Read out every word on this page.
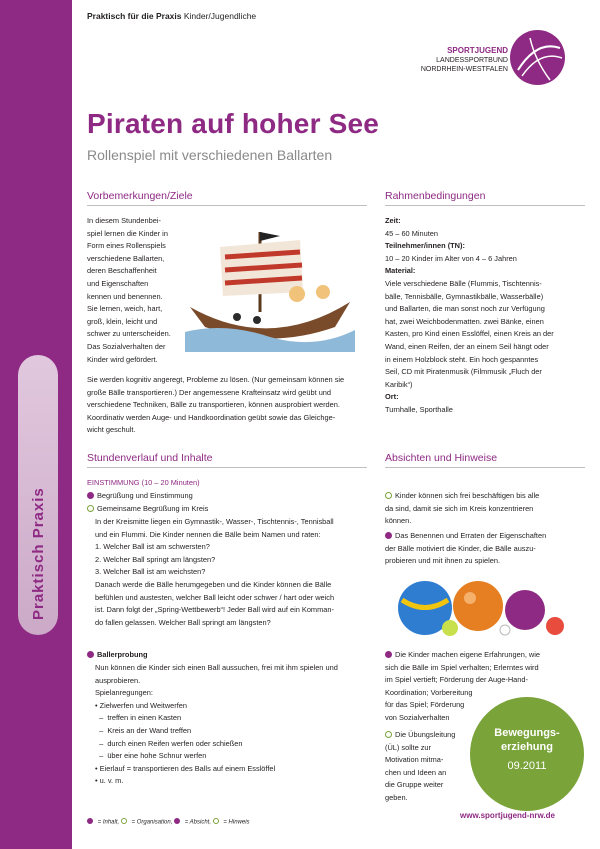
Praktisch Praxis
Praktisch für die Praxis Kinder/Jugendliche
SPORTJUGEND
LANDESSPORTBUND
NORDRHEIN-WESTFALEN
Piraten auf hoher See
Rollenspiel mit verschiedenen Ballarten
Vorbemerkungen/Ziele	Rahmenbedingungen
In diesem Stundenbei-
spiel lernen die Kinder in
Form eines Rollenspiels
verschiedene Ballarten,
deren Beschaffenheit
und Eigenschaften
kennen und benennen.
Sie lernen, weich, hart,
groß, klein, leicht und
schwer zu unterscheiden.
Das Sozialverhalten der
Kinder wird gefördert.
Sie werden kognitiv angeregt, Probleme zu lösen. (Nur gemeinsam können sie
große Bälle transportieren.) Der angemessene Krafteinsatz wird geübt und
verschiedene Techniken, Bälle zu transportieren, können ausprobiert werden.
Koordinativ werden Auge- und Handkoordination geübt sowie das Gleichge-
wicht geschult.
Zeit:
45 – 60 Minuten
Teilnehmer/innen (TN):
10 – 20 Kinder im Alter von 4 – 6 Jahren
Material:
Viele verschiedene Bälle (Flummis, Tischtennis-
bälle, Tennisbälle, Gymnastikbälle, Wasserbälle)
und Ballarten, die man sonst noch zur Verfügung
hat, zwei Weichbodenmatten. zwei Bänke, einen
Kasten, pro Kind einen Esslöffel, einen Kreis an der
Wand, einen Reifen, der an einem Seil hängt oder
in einem Holzblock steht. Ein hoch gespanntes
Seil, CD mit Piratenmusik (Filmmusik „Fluch der
Karibik“)
Ort:
Turnhalle, Sporthalle
Stundenverlauf und Inhalte	Absichten und Hinweise
EINSTIMMUNG (10 – 20 Minuten)
Begrüßung und Einstimmung
Gemeinsame Begrüßung im Kreis
In der Kreismitte liegen ein Gymnastik-, Wasser-, Tischtennis-, Tennisball
und ein Flummi. Die Kinder nennen die Bälle beim Namen und raten:
1. Welcher Ball ist am schwersten?
2. Welcher Ball springt am längsten?
3. Welcher Ball ist am weichsten?
Danach werde die Bälle herumgegeben und die Kinder können die Bälle
befühlen und austesten, welcher Ball leicht oder schwer / hart oder weich
ist. Dann folgt der „Spring-Wettbewerb“! Jeder Ball wird auf ein Komman-
do fallen gelassen. Welcher Ball springt am längsten?
Ballerprobung
Nun können die Kinder sich einen Ball aussuchen, frei mit ihm spielen und
ausprobieren.
Spielanregungen:
• Zielwerfen und Weitwerfen
–  treffen in einen Kasten
–  Kreis an der Wand treffen
–  durch einen Reifen werfen oder schießen
–  über eine hohe Schnur werfen
• Eierlauf = transportieren des Balls auf einem Esslöffel
• u. v. m.
Kinder können sich frei beschäftigen bis alle
da sind, damit sie sich im Kreis konzentrieren
können.
Das Benennen und Erraten der Eigenschaften
der Bälle motiviert die Kinder, die Bälle auszu-
probieren und mit ihnen zu spielen.
Die Kinder machen eigene Erfahrungen, wie
sich die Bälle im Spiel verhalten; Erlerntes wird
im Spiel vertieft; Förderung der Auge-Hand-
Koordination; Vorbereitung
für das Spiel; Förderung
von Sozialverhalten
Die Übungsleitung
(ÜL) sollte zur
Motivation mitma-
chen und Ideen an
die Gruppe weiter
geben.
Bewegungs-
erziehung
09.2011
www.sportjugend-nrw.de
= Inhalt,  = Organisation,  = Absicht,  = Hinweis
